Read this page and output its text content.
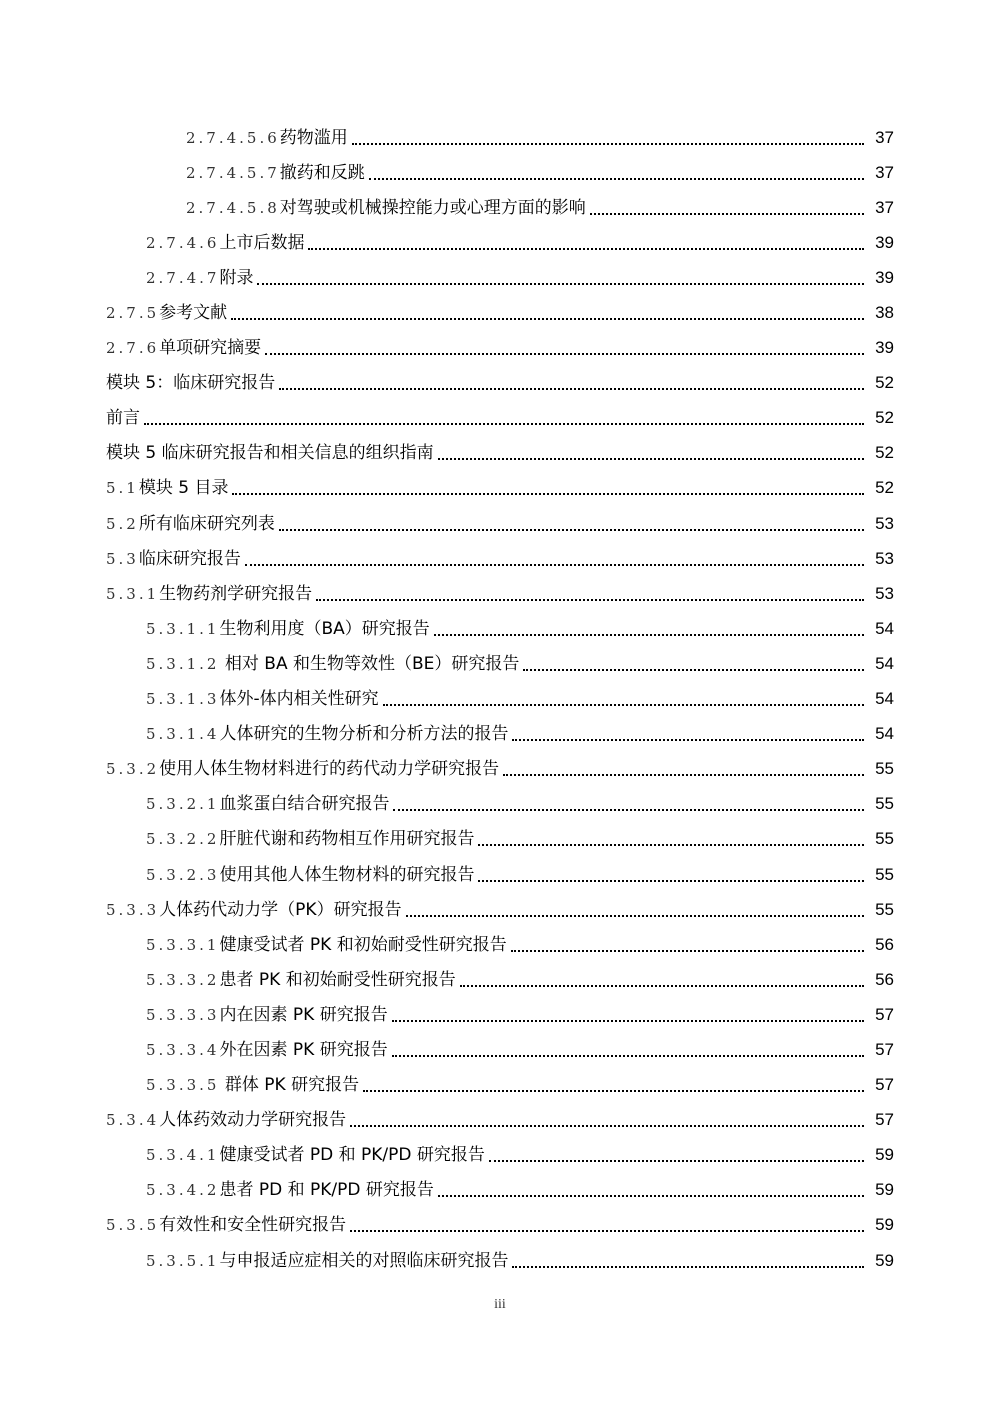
2.7.4.5.6药物滥用	37
2.7.4.5.7撤药和反跳	37
2.7.4.5.8对驾驶或机械操控能力或心理方面的影响	37
2.7.4.6上市后数据	39
2.7.4.7附录	39
2.7.5参考文献	38
2.7.6单项研究摘要	39
模块 5：临床研究报告	52
前言	52
模块 5 临床研究报告和相关信息的组织指南	52
5.1模块 5 目录	52
5.2所有临床研究列表	53
5.3临床研究报告	53
5.3.1生物药剂学研究报告	53
5.3.1.1生物利用度（BA）研究报告	54
5.3.1.2 相对 BA 和生物等效性（BE）研究报告	54
5.3.1.3体外-体内相关性研究	54
5.3.1.4人体研究的生物分析和分析方法的报告	54
5.3.2使用人体生物材料进行的药代动力学研究报告	55
5.3.2.1血浆蛋白结合研究报告	55
5.3.2.2肝脏代谢和药物相互作用研究报告	55
5.3.2.3使用其他人体生物材料的研究报告	55
5.3.3人体药代动力学（PK）研究报告	55
5.3.3.1健康受试者 PK 和初始耐受性研究报告	56
5.3.3.2患者 PK 和初始耐受性研究报告	56
5.3.3.3内在因素 PK 研究报告	57
5.3.3.4外在因素 PK 研究报告	57
5.3.3.5 群体 PK 研究报告	57
5.3.4人体药效动力学研究报告	57
5.3.4.1健康受试者 PD 和 PK/PD 研究报告	59
5.3.4.2患者 PD 和 PK/PD 研究报告	59
5.3.5有效性和安全性研究报告	59
5.3.5.1与申报适应症相关的对照临床研究报告	59
iii
